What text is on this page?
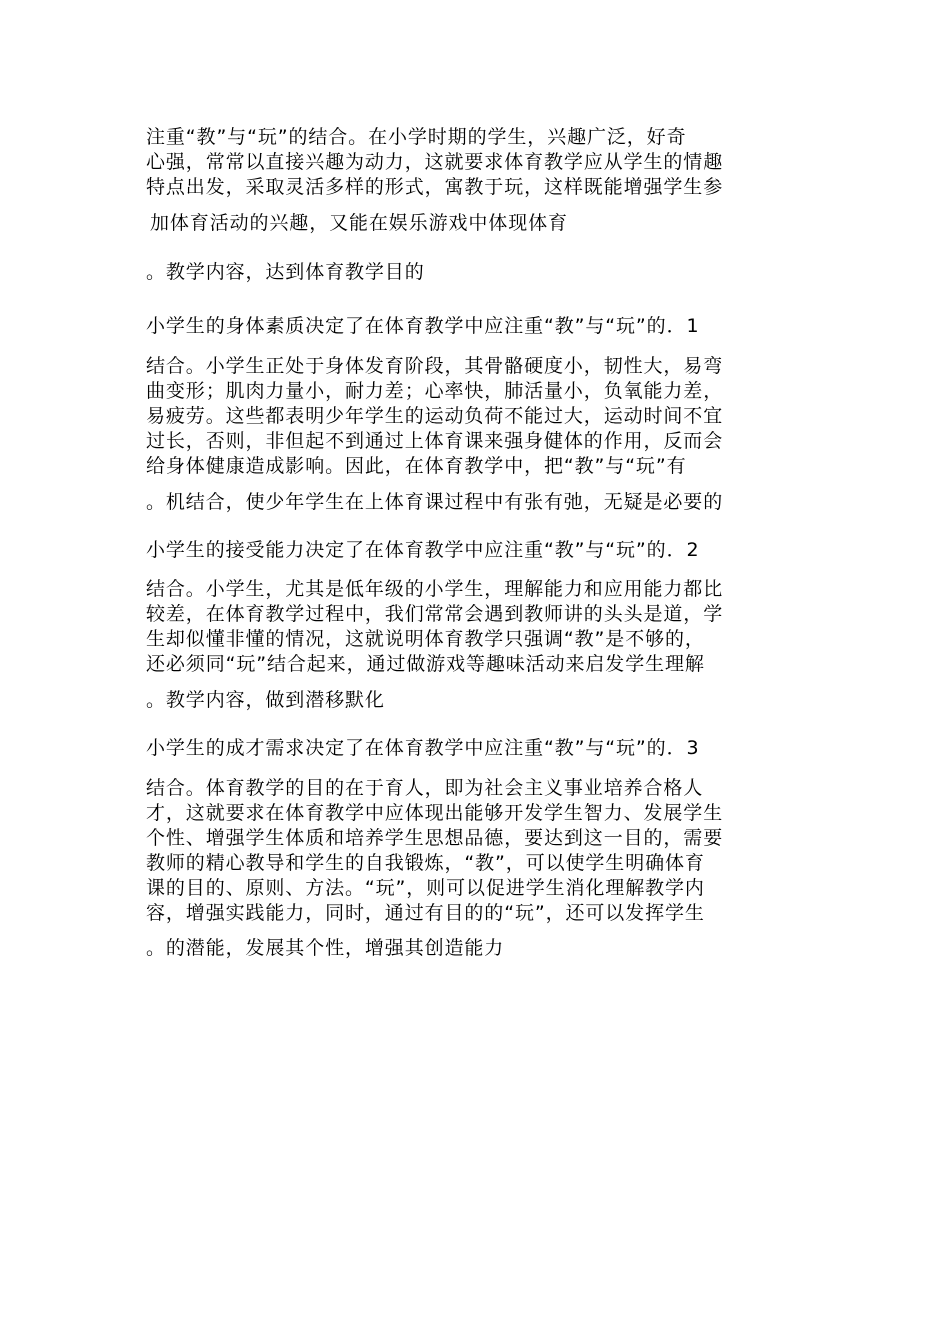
注重“教”与“玩”的结合。在小学时期的学生，兴趣广泛，好奇
心强，常常以直接兴趣为动力，这就要求体育教学应从学生的情趣
特点出发，采取灵活多样的形式，寓教于玩，这样既能增强学生参
加体育活动的兴趣，又能在娱乐游戏中体现体育
。教学内容，达到体育教学目的
小学生的身体素质决定了在体育教学中应注重“教”与“玩”的．1
结合。小学生正处于身体发育阶段，其骨骼硬度小，韧性大，易弯
曲变形；肌肉力量小，耐力差；心率快，肺活量小，负氧能力差，
易疲劳。这些都表明少年学生的运动负荷不能过大，运动时间不宜
过长，否则，非但起不到通过上体育课来强身健体的作用，反而会
给身体健康造成影响。因此，在体育教学中，把“教”与“玩”有
。机结合，使少年学生在上体育课过程中有张有弛，无疑是必要的
小学生的接受能力决定了在体育教学中应注重“教”与“玩”的．2
结合。小学生，尤其是低年级的小学生，理解能力和应用能力都比
较差，在体育教学过程中，我们常常会遇到教师讲的头头是道，学
生却似懂非懂的情况，这就说明体育教学只强调“教”是不够的，
还必须同“玩”结合起来，通过做游戏等趣味活动来启发学生理解
。教学内容，做到潜移默化
小学生的成才需求决定了在体育教学中应注重“教”与“玩”的．3
结合。体育教学的目的在于育人，即为社会主义事业培养合格人
才，这就要求在体育教学中应体现出能够开发学生智力、发展学生
个性、增强学生体质和培养学生思想品德，要达到这一目的，需要
教师的精心教导和学生的自我锻炼，“教”，可以使学生明确体育
课的目的、原则、方法。“玩”，则可以促进学生消化理解教学内
容，增强实践能力，同时，通过有目的的“玩”，还可以发挥学生
。的潜能，发展其个性，增强其创造能力
